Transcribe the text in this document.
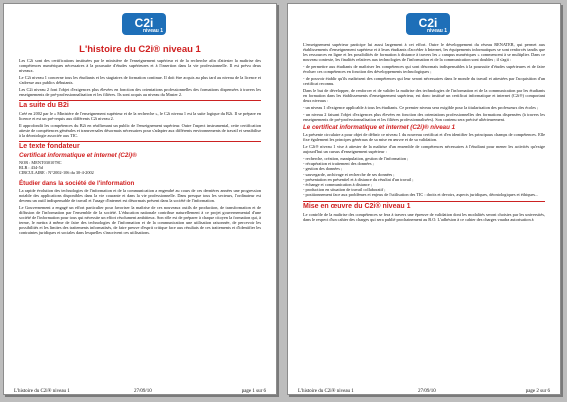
C2i
niveau 1
L'histoire du C2i® niveau 1

Les C2i sont des certifications instituées par le ministère de l'enseignement supérieur et de la recherche afin d'attester la maîtrise des compétences numériques nécessaires à la poursuite d'études supérieures et à l'insertion dans la vie professionnelle. Il est prévu deux niveaux.

Le C2i niveau 1 concerne tous les étudiants et les stagiaires de formation continue. Il doit être acquis au plus tard au niveau de la licence et s'adresse aux publics débutants.

Les C2i niveau 2 font l'objet d'exigences plus élevées en fonction des orientations professionnelles des formations dispensées à travers les enseignements de pré-professionnalisation et les filières. Ils sont acquis au niveau du Master 2.

La suite du B2i

Créé en 2002 par le « Ministère de l'enseignement supérieur et de la recherche », le C2i niveau 1 est la suite logique du B2i. Il se prépare en licence et est un pré-requis aux différents C2i niveau 2.

Il approfondit les compétences du B2i en réaffirmant un public de l'enseignement supérieur. Outre l'aspect instrumental, cette certification atteste de compétences générales et transversales désormais nécessaires pour s'adapter aux différents environnements de travail et sensibilise à la déontologie associée aux TIC.

Le texte fondateur
Certificat informatique et internet (C2i)®
NOR : MENT0301078C
RLR : 434-5d
CIRCULAIRE : N°2002-106 du 30-4-2002
Étudier dans la société de l'information

La rapide évolution des technologies de l'information et de la communication a engendré au cours de ces dernières années une progression notable des applications disponibles dans la vie courante et dans la vie professionnelle. Dans presque tous les secteurs, l'ordinateur est devenu un outil indispensable de travail et l'usage d'internet est désormais présent dans la société de l'information.

Le Gouvernement a engagé un effort particulier pour favoriser la maîtrise de ces nouveaux outils de production, de transformation et de diffusion de l'information par l'ensemble de la société. L'éducation nationale contribue naturellement à ce projet gouvernemental d'une société de l'information pour tous qui nécessite un effort résolument ambitieux. Son rôle est de préparer à chaque citoyen la formation qui, à terme, le mettra à même de faire des technologies de l'information et de la communication une utilisation raisonnée, de percevoir les possibilités et les limites des traitements informatisés, de faire preuve d'esprit critique face aux résultats de ces traitements et d'identifier les contraintes juridiques et sociales dans lesquelles s'inscrivent ces utilisations.

L'histoire du C2i® niveau 1	27/09/10	page 1 sur 6
C2i
niveau 1

L'enseignement supérieur participe lui aussi largement à cet effort. Outre le développement du réseau RENATER, qui permet aux établissements d'enseignement supérieur et à leurs étudiants d'accéder à Internet, les équipements informatiques se sont renforcés tandis que les ressources en ligne et les possibilités de formation à distance à travers les « campus numériques » commencent à se multiplier. Dans ce nouveau contexte, les finalités relatives aux technologies de l'information et de la communication sont doubles ; il s'agit :

- de permettre aux étudiants de maîtriser les compétences qui sont désormais indispensables à la poursuite d'études supérieures et de faire évoluer ces compétences en fonction des développements technologiques ;

- de pouvoir établir qu'ils maîtrisent des compétences qui leur seront nécessaires dans le monde du travail et attestées par l'acquisition d'un certificat reconnu.

Dans le but de développer, de renforcer et de valider la maîtrise des technologies de l'information et de la communication par les étudiants en formation dans les établissements d'enseignement supérieur, est donc institué un certificat informatique et internet (C2i®) comportant deux niveaux :

- un niveau 1 d'exigence applicable à tous les étudiants. Ce premier niveau sera exigible pour la titularisation des professeurs des écoles ;

- un niveau 2 faisant l'objet d'exigences plus élevées en fonction des orientations professionnelles des formations dispensées (à travers les enseignements de pré-professionnalisation et les filières professionnalisées). Son contenu sera précisé ultérieurement.

Le certificat informatique et internet (C2i)® niveau 1

La présente circulaire a pour objet de définir ce niveau 1 du nouveau certificat et d'en identifier les principaux champs de compétences. Elle fixe également les principes généraux de sa mise en œuvre et de sa validation.

Le C2i® niveau 1 vise à attester de la maîtrise d'un ensemble de compétences nécessaires à l'étudiant pour mener les activités qu'exige aujourd'hui un cursus d'enseignement supérieur :

- recherche, création, manipulation, gestion de l'information ;
- récupération et traitement des données ;
- gestion des données ;
- sauvegarde, archivage et recherche de ses données ;
- présentation en présentiel et à distance du résultat d'un travail ;
- échange et communication à distance ;
- production en situation de travail collaboratif ;
- positionnement face aux problèmes et enjeux de l'utilisation des TIC : droits et devoirs, aspects juridiques, déontologiques et éthiques...
Mise en œuvre du C2i® niveau 1

Le contrôle de la maîtrise des compétences se fera à travers une épreuve de validation dont les modalités seront choisies par les universités, dans le respect d'un cahier des charges qui sera publié prochainement au B.O. L'adhésion à ce cahier des charges vaudra autorisation à

L'histoire du C2i® niveau 1	27/09/10	page 2 sur 6
